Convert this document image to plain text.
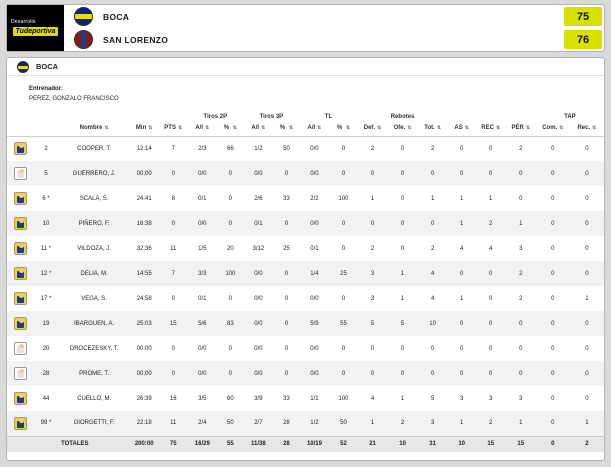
Desarrollo
Tudeportiva
BOCA	75
SAN LORENZO	76
BOCA
Entrenador:
PEREZ, GONZALO FRANCISCO
					Tiros 2P		Tiros 3P		TL		Rebotes						TAP	
		Nombre ⇅	Min ⇅	PTS ⇅	A/I ⇅	% ⇅	A/I ⇅	% ⇅	A/I ⇅	% ⇅	Def. ⇅	Ofe. ⇅	Tot. ⇅	AS ⇅	REC ⇅	PÉR ⇅	Com. ⇅	Rec. ⇅

	2	COOPER, T.	12:14	7	2/3	66	1/2	50	0/0	0	2	0	2	0	0	2	0	0

	5	GUERRERO, J.	00:00	0	0/0	0	0/0	0	0/0	0	0	0	0	0	0	0	0	0

	6 *	SCALA, S.	24:41	8	0/1	0	2/6	33	2/2	100	1	0	1	1	1	0	0	0

	10	PIÑERO, F.	16:38	0	0/0	0	0/1	0	0/0	0	0	0	0	1	2	1	0	0

	11 *	VILDOZA, J.	32:36	11	1/5	20	3/12	25	0/1	0	2	0	2	4	4	3	0	0

	12 *	DELIA, M.	14:55	7	3/3	100	0/0	0	1/4	25	3	1	4	0	0	2	0	0

	17 *	VEGA, S.	24:58	0	0/1	0	0/0	0	0/0	0	3	1	4	1	0	2	0	1

	19	IBARGUEN, A.	25:03	15	5/6	83	0/0	0	5/9	55	5	5	10	0	0	0	0	0

	20	DROCEZESKY, T.	00:00	0	0/0	0	0/0	0	0/0	0	0	0	0	0	0	0	0	0

	28	PROME, T.	00:00	0	0/0	0	0/0	0	0/0	0	0	0	0	0	0	0	0	0

	44	CUELLO, M.	26:39	16	3/5	60	3/9	33	1/1	100	4	1	5	3	3	3	0	0

	99 *	GIORGETTI, F.	22:18	11	2/4	50	2/7	28	1/2	50	1	2	3	1	2	1	0	1
		TOTALES	200:00	75	16/29	55	11/38	28	10/19	52	21	10	31	10	15	15	0	2
